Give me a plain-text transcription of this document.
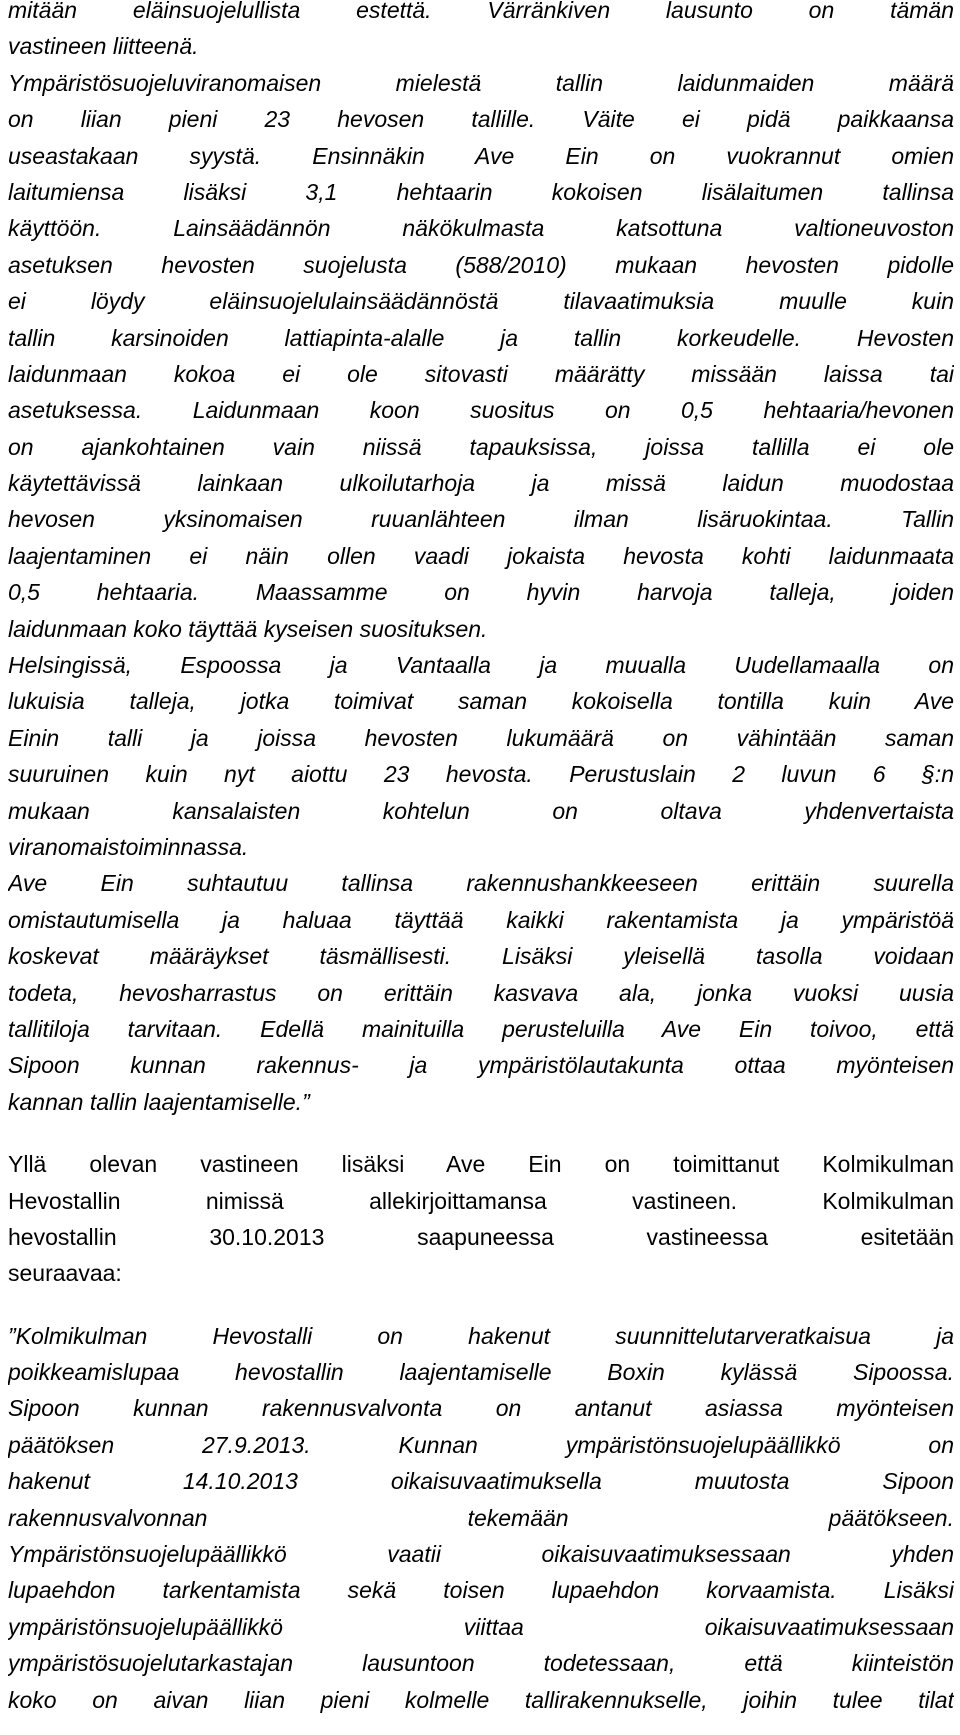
mitään eläinsuojelullista estettä. Värränkiven lausunto on tämän
vastineen liitteenä.
Ympäristösuojeluviranomaisen mielestä tallin laidunmaiden määrä
on liian pieni 23 hevosen tallille. Väite ei pidä paikkaansa
useastakaan syystä. Ensinnäkin Ave Ein on vuokrannut omien
laitumiensa lisäksi 3,1 hehtaarin kokoisen lisälaitumen tallinsa
käyttöön. Lainsäädännön näkökulmasta katsottuna valtioneuvoston
asetuksen hevosten suojelusta (588/2010) mukaan hevosten pidolle
ei löydy eläinsuojelulainsäädännöstä tilavaatimuksia muulle kuin
tallin karsinoiden lattiapinta-alalle ja tallin korkeudelle. Hevosten
laidunmaan kokoa ei ole sitovasti määrätty missään laissa tai
asetuksessa. Laidunmaan koon suositus on 0,5 hehtaaria/hevonen
on ajankohtainen vain niissä tapauksissa, joissa tallilla ei ole
käytettävissä lainkaan ulkoilutarhoja ja missä laidun muodostaa
hevosen yksinomaisen ruuanlähteen ilman lisäruokintaa. Tallin
laajentaminen ei näin ollen vaadi jokaista hevosta kohti laidunmaata
0,5 hehtaaria. Maassamme on hyvin harvoja talleja, joiden
laidunmaan koko täyttää kyseisen suosituksen.
Helsingissä, Espoossa ja Vantaalla ja muualla Uudellamaalla on
lukuisia talleja, jotka toimivat saman kokoisella tontilla kuin Ave
Einin talli ja joissa hevosten lukumäärä on vähintään saman
suuruinen kuin nyt aiottu 23 hevosta. Perustuslain 2 luvun 6 §:n
mukaan kansalaisten kohtelun on oltava yhdenvertaista
viranomaistoiminnassa.
Ave Ein suhtautuu tallinsa rakennushankkeeseen erittäin suurella
omistautumisella ja haluaa täyttää kaikki rakentamista ja ympäristöä
koskevat määräykset täsmällisesti. Lisäksi yleisellä tasolla voidaan
todeta, hevosharrastus on erittäin kasvava ala, jonka vuoksi uusia
tallitiloja tarvitaan. Edellä mainituilla perusteluilla Ave Ein toivoo, että
Sipoon kunnan rakennus- ja ympäristölautakunta ottaa myönteisen
kannan tallin laajentamiselle.”
Yllä olevan vastineen lisäksi Ave Ein on toimittanut Kolmikulman
Hevostallin nimissä allekirjoittamansa vastineen. Kolmikulman
hevostallin 30.10.2013 saapuneessa vastineessa esitetään
seuraavaa:
”Kolmikulman Hevostalli on hakenut suunnittelutarveratkaisua ja
poikkeamislupaa hevostallin laajentamiselle Boxin kylässä Sipoossa.
Sipoon kunnan rakennusvalvonta on antanut asiassa myönteisen
päätöksen 27.9.2013. Kunnan ympäristönsuojelupäällikkö on
hakenut 14.10.2013 oikaisuvaatimuksella muutosta Sipoon
rakennusvalvonnan tekemään päätökseen.
Ympäristönsuojelupäällikkö vaatii oikaisuvaatimuksessaan yhden
lupaehdon tarkentamista sekä toisen lupaehdon korvaamista. Lisäksi
ympäristönsuojelupäällikkö viittaa oikaisuvaatimuksessaan
ympäristösuojelutarkastajan lausuntoon todetessaan, että kiinteistön
koko on aivan liian pieni kolmelle tallirakennukselle, joihin tulee tilat
